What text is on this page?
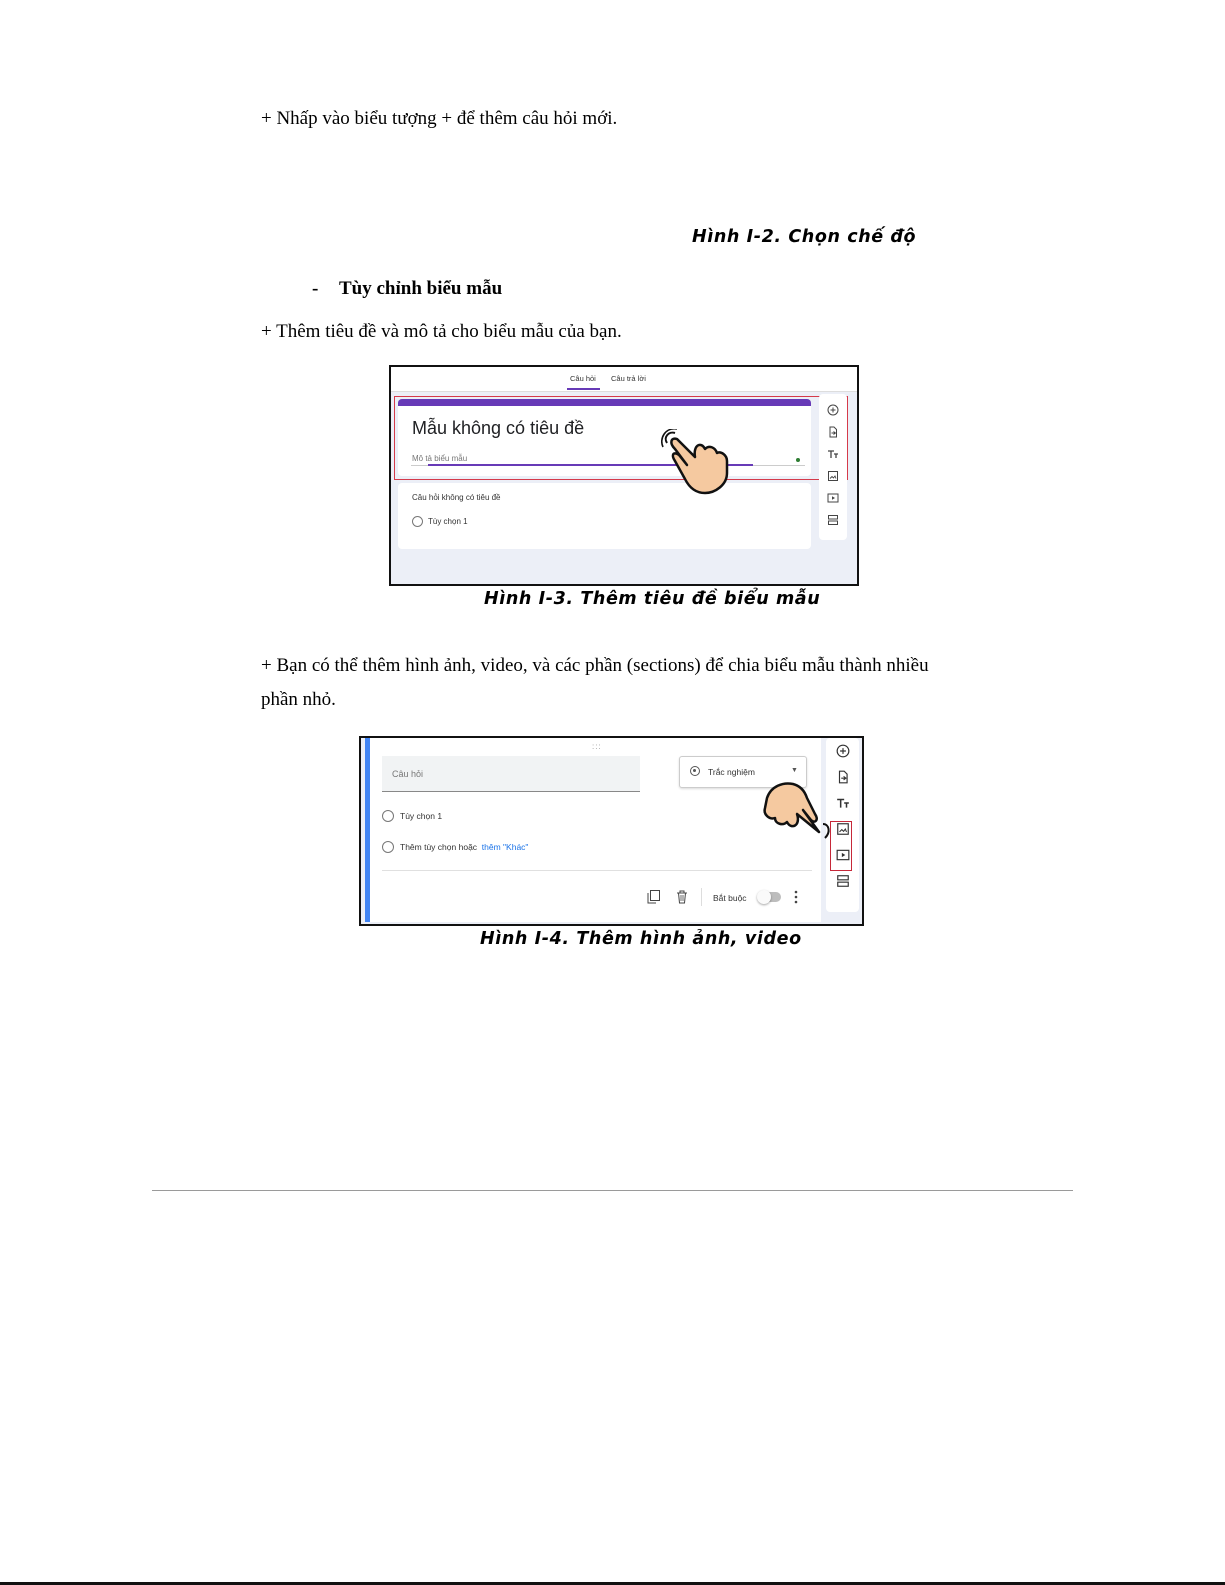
+ Nhấp vào biểu tượng + để thêm câu hỏi mới.
Hình I-2. Chọn chế độ
- Tùy chỉnh biểu mẫu
+ Thêm tiêu đề và mô tả cho biểu mẫu của bạn.
Câu hỏi Câu trả lời
Mẫu không có tiêu đề
Mô tả biểu mẫu
Câu hỏi không có tiêu đề
Tùy chọn 1
Hình I-3. Thêm tiêu đề biểu mẫu
+ Bạn có thể thêm hình ảnh, video, và các phần (sections) để chia biểu mẫu thành nhiều
phần nhỏ.
:::
Câu hỏi	Trắc nghiệm	▼
Tùy chọn 1
Thêm tùy chọn hoặc thêm "Khác"
Bắt buộc
Hình I-4. Thêm hình ảnh, video
